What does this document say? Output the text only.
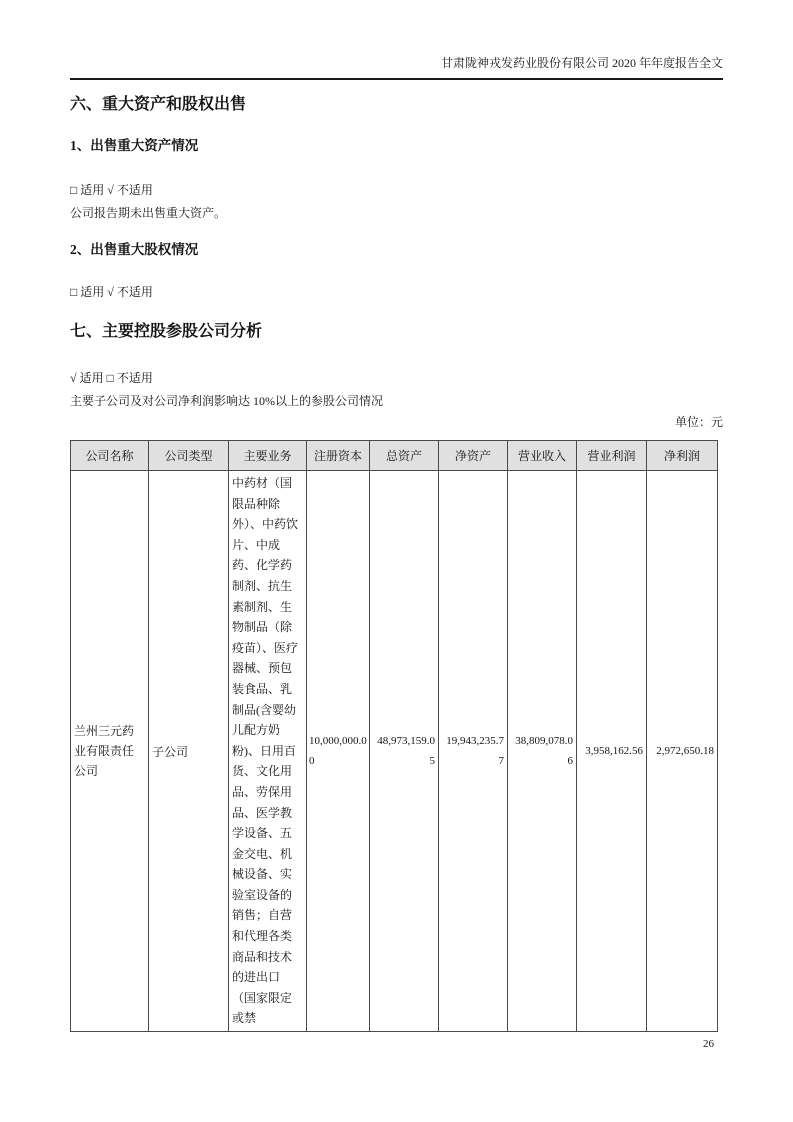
甘肃陇神戎发药业股份有限公司 2020 年年度报告全文
六、重大资产和股权出售
1、出售重大资产情况
□ 适用 √ 不适用
公司报告期未出售重大资产。
2、出售重大股权情况
□ 适用 √ 不适用
七、主要控股参股公司分析
√ 适用 □ 不适用
主要子公司及对公司净利润影响达 10%以上的参股公司情况
单位：元
公司名称	公司类型	主要业务	注册资本	总资产	净资产	营业收入	营业利润	净利润
兰州三元药业有限责任公司	子公司	中药材（国限品种除外）、中药饮片、中成药、化学药制剂、抗生素制剂、生物制品（除疫苗）、医疗器械、预包装食品、乳制品(含婴幼儿配方奶粉)、日用百货、文化用品、劳保用品、医学教学设备、五金交电、机械设备、实验室设备的销售；自营和代理各类商品和技术的进出口（国家限定或禁	10,000,000.00	48,973,159.05	19,943,235.77	38,809,078.06	3,958,162.56	2,972,650.18
26
